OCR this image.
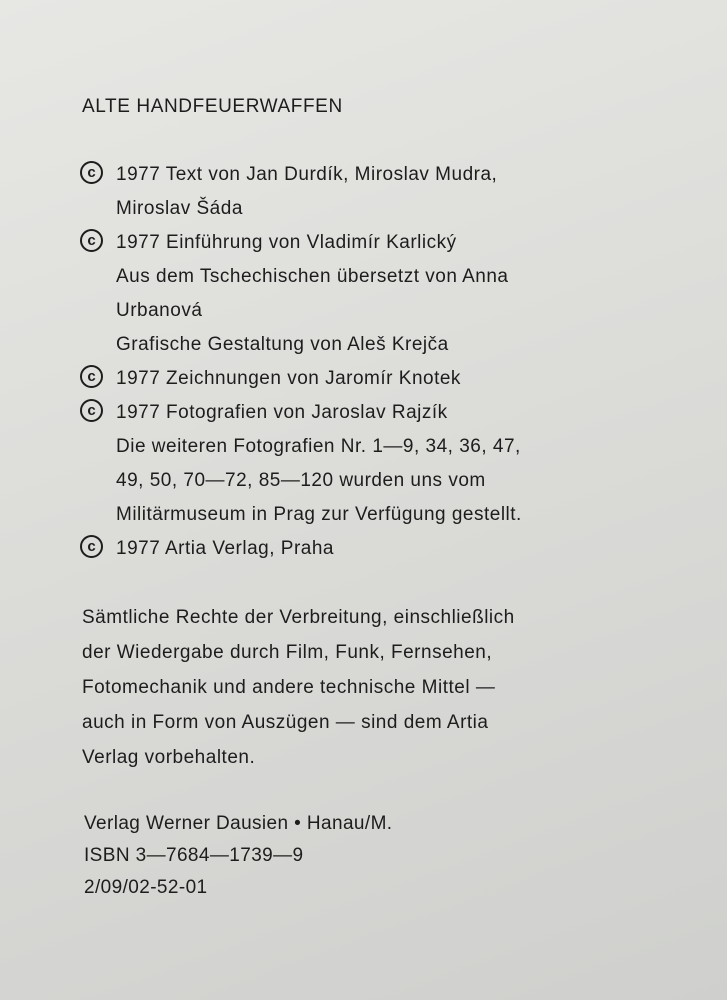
ALTE HANDFEUERWAFFEN
c	1977 Text von Jan Durdík, Miroslav Mudra,
Miroslav Šáda
c	1977 Einführung von Vladimír Karlický
Aus dem Tschechischen übersetzt von Anna
Urbanová
Grafische Gestaltung von Aleš Krejča
c	1977 Zeichnungen von Jaromír Knotek
c	1977 Fotografien von Jaroslav Rajzík
Die weiteren Fotografien Nr. 1—9, 34, 36, 47,
49, 50, 70—72, 85—120 wurden uns vom
Militärmuseum in Prag zur Verfügung gestellt.
c	1977 Artia Verlag, Praha
Sämtliche Rechte der Verbreitung, einschließlich
der Wiedergabe durch Film, Funk, Fernsehen,
Fotomechanik und andere technische Mittel —
auch in Form von Auszügen — sind dem Artia
Verlag vorbehalten.
Verlag Werner Dausien • Hanau/M.
ISBN 3—7684—1739—9
2/09/02-52-01
